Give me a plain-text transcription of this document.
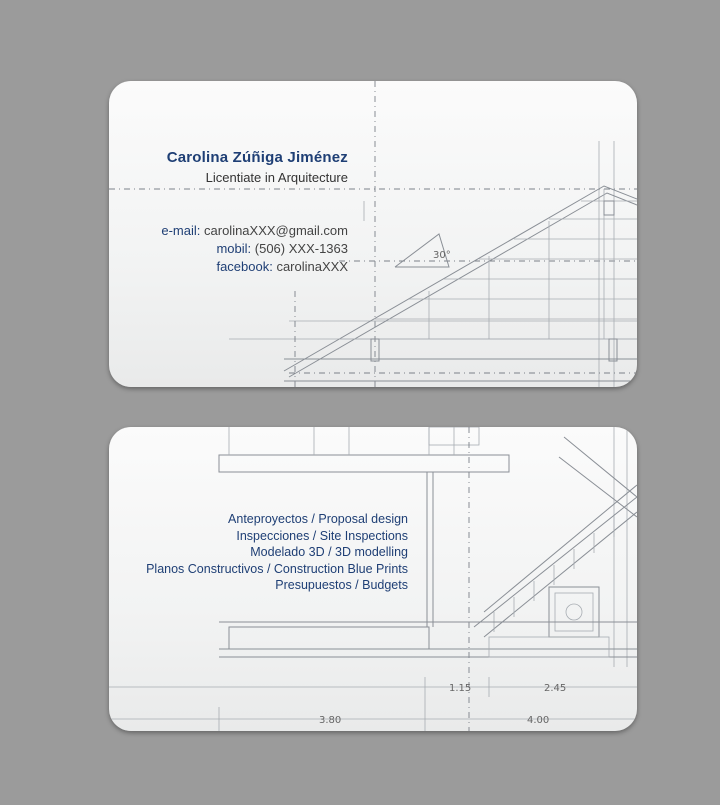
30°
Carolina Zúñiga Jiménez
Licentiate in Arquitecture
e-mail: carolinaXXX@gmail.com
mobil: (506) XXX-1363
facebook: carolinaXXX
1.15	2.45
3.80	4.00
Anteproyectos / Proposal design
Inspecciones / Site Inspections
Modelado 3D / 3D modelling
Planos Constructivos / Construction Blue Prints
Presupuestos / Budgets
